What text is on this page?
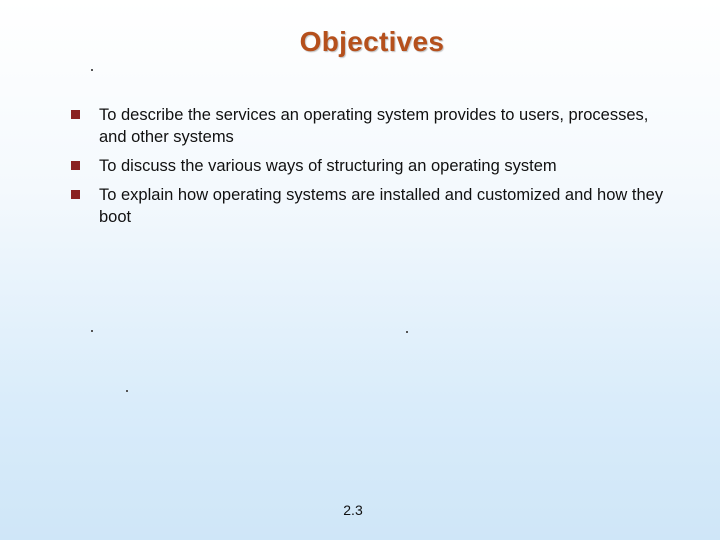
Objectives
To describe the services an operating system provides to users, processes, and other systems
To discuss the various ways of structuring an operating system
To explain how operating systems are installed and customized and how they boot
2.3
